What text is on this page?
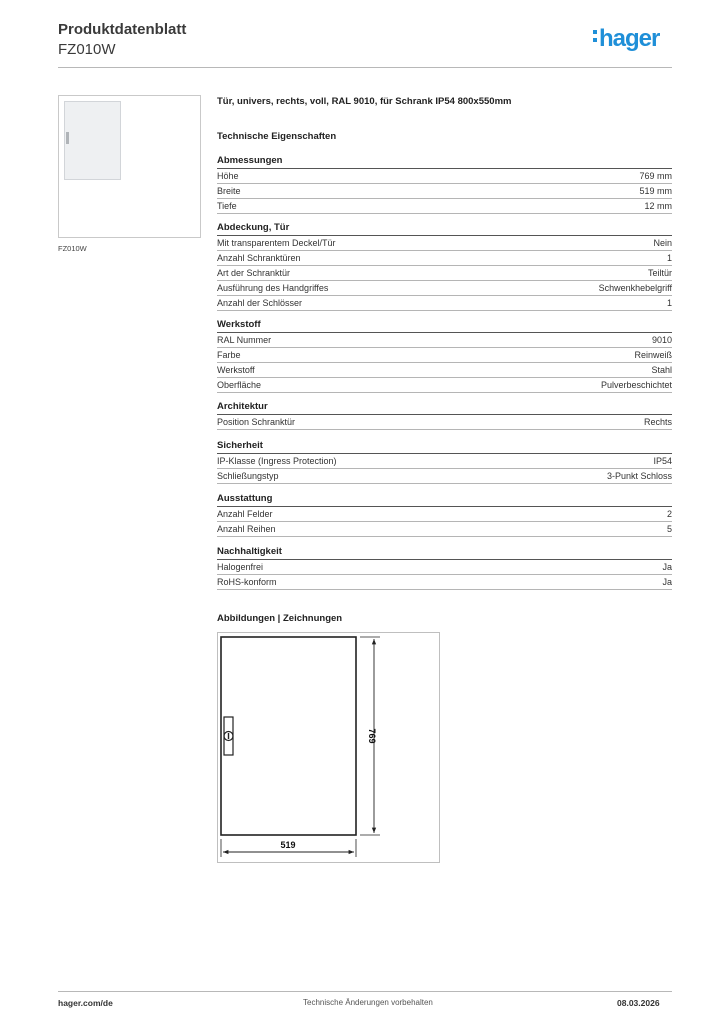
Produktdatenblatt
FZ010W	hager
FZ010W
Tür, univers, rechts, voll, RAL 9010, für Schrank IP54 800x550mm
Technische Eigenschaften
Abmessungen
Höhe	769 mm
Breite	519 mm
Tiefe	12 mm
Abdeckung, Tür
Mit transparentem Deckel/Tür	Nein
Anzahl Schranktüren	1
Art der Schranktür	Teiltür
Ausführung des Handgriffes	Schwenkhebelgriff
Anzahl der Schlösser	1
Werkstoff
RAL Nummer	9010
Farbe	Reinweiß
Werkstoff	Stahl
Oberfläche	Pulverbeschichtet
Architektur
Position Schranktür	Rechts
Sicherheit
IP-Klasse (Ingress Protection)	IP54
Schließungstyp	3-Punkt Schloss
Ausstattung
Anzahl Felder	2
Anzahl Reihen	5
Nachhaltigkeit
Halogenfrei	Ja
RoHS-konform	Ja
Abbildungen | Zeichnungen
519
769
hager.com/de	Technische Änderungen vorbehalten	08.03.2026
